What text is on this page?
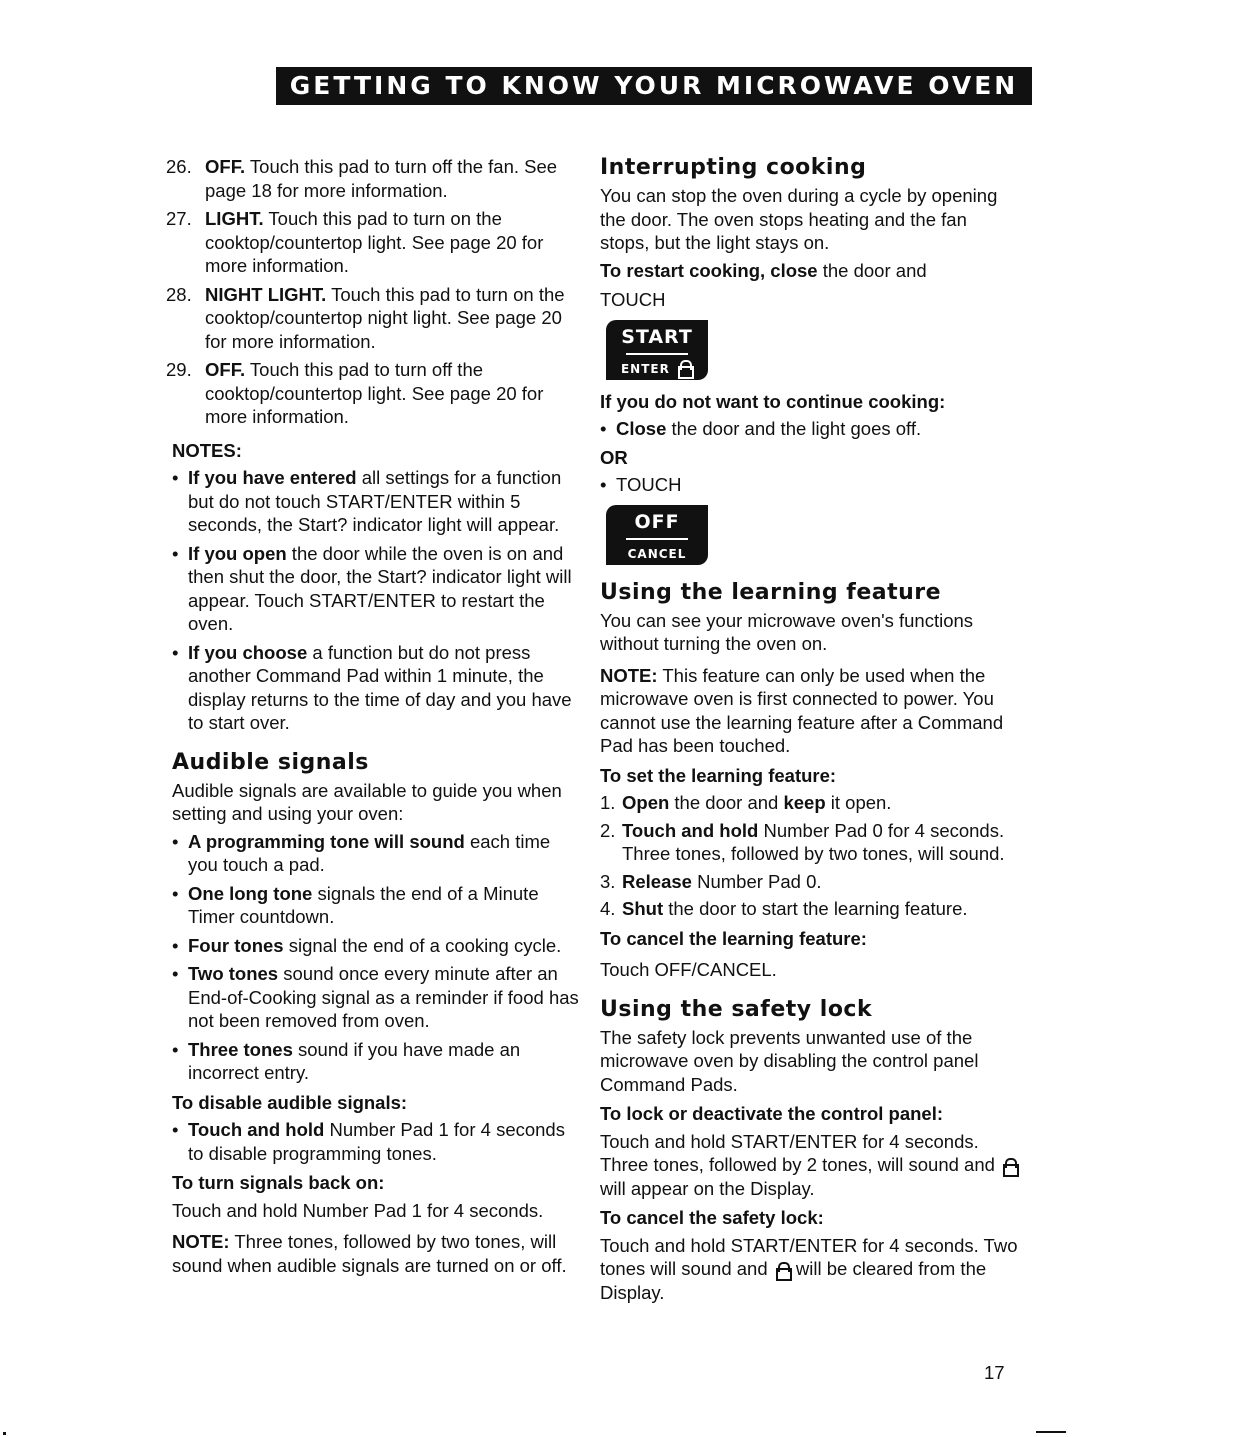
GETTING TO KNOW YOUR MICROWAVE OVEN
26. OFF. Touch this pad to turn off the fan. See page 18 for more information.
27. LIGHT. Touch this pad to turn on the cooktop/countertop light. See page 20 for more information.
28. NIGHT LIGHT. Touch this pad to turn on the cooktop/countertop night light. See page 20 for more information.
29. OFF. Touch this pad to turn off the cooktop/countertop light. See page 20 for more information.
NOTES:
• If you have entered all settings for a function but do not touch START/ENTER within 5 seconds, the Start? indicator light will appear.
• If you open the door while the oven is on and then shut the door, the Start? indicator light will appear. Touch START/ENTER to restart the oven.
• If you choose a function but do not press another Command Pad within 1 minute, the display returns to the time of day and you have to start over.
Audible signals

Audible signals are available to guide you when setting and using your oven:

• A programming tone will sound each time you touch a pad.
• One long tone signals the end of a Minute Timer countdown.
• Four tones signal the end of a cooking cycle.
• Two tones sound once every minute after an End-of-Cooking signal as a reminder if food has not been removed from oven.
• Three tones sound if you have made an incorrect entry.
To disable audible signals:
• Touch and hold Number Pad 1 for 4 seconds to disable programming tones.
To turn signals back on:

Touch and hold Number Pad 1 for 4 seconds.

NOTE: Three tones, followed by two tones, will sound when audible signals are turned on or off.

Interrupting cooking

You can stop the oven during a cycle by opening the door. The oven stops heating and the fan stops, but the light stays on.

To restart cooking, close the door and

TOUCH
START
ENTER
If you do not want to continue cooking:
• Close the door and the light goes off.
OR
• TOUCH
OFF
CANCEL
Using the learning feature

You can see your microwave oven's functions without turning the oven on.

NOTE: This feature can only be used when the microwave oven is first connected to power. You cannot use the learning feature after a Command Pad has been touched.

To set the learning feature:
1. Open the door and keep it open.
2. Touch and hold Number Pad 0 for 4 seconds. Three tones, followed by two tones, will sound.
3. Release Number Pad 0.
4. Shut the door to start the learning feature.
To cancel the learning feature:

Touch OFF/CANCEL.

Using the safety lock

The safety lock prevents unwanted use of the microwave oven by disabling the control panel Command Pads.

To lock or deactivate the control panel:

Touch and hold START/ENTER for 4 seconds. Three tones, followed by 2 tones, will sound and  will appear on the Display.

To cancel the safety lock:

Touch and hold START/ENTER for 4 seconds. Two tones will sound and will be cleared from the Display.

17
